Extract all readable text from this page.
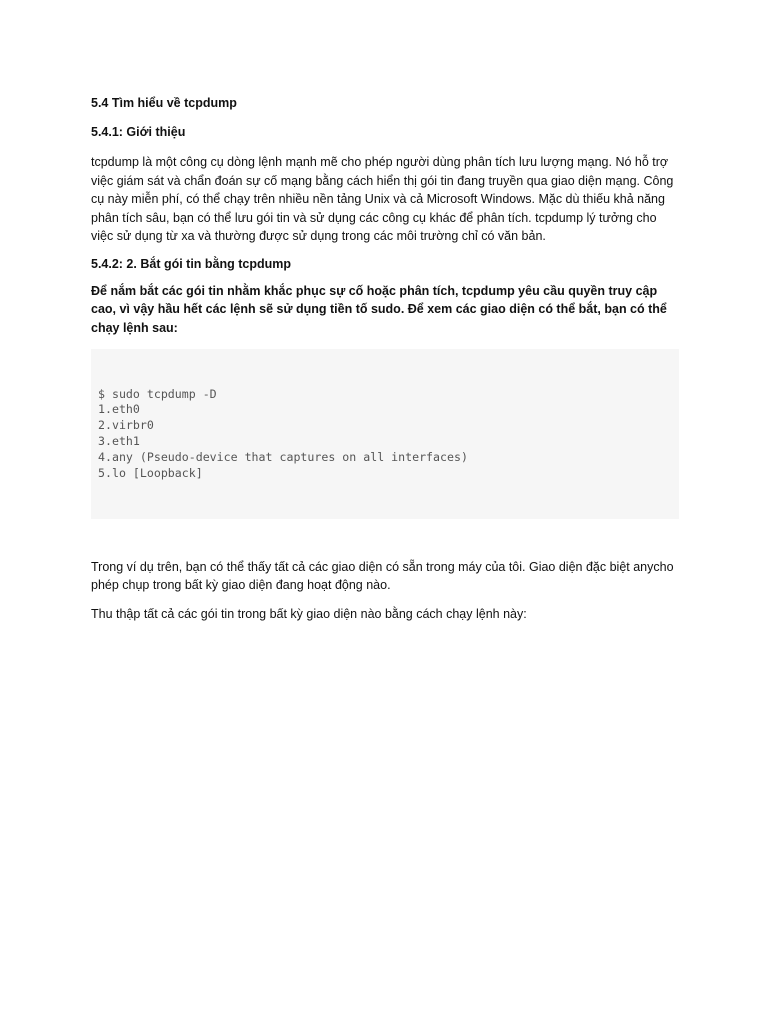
5.4 Tìm hiểu về tcpdump
5.4.1: Giới thiệu

tcpdump là một công cụ dòng lệnh mạnh mẽ cho phép người dùng phân tích lưu lượng mạng. Nó hỗ trợ việc giám sát và chẩn đoán sự cố mạng bằng cách hiển thị gói tin đang truyền qua giao diện mạng. Công cụ này miễn phí, có thể chạy trên nhiều nền tảng Unix và cả Microsoft Windows. Mặc dù thiếu khả năng phân tích sâu, bạn có thể lưu gói tin và sử dụng các công cụ khác để phân tích. tcpdump lý tưởng cho việc sử dụng từ xa và thường được sử dụng trong các môi trường chỉ có văn bản.

5.4.2: 2. Bắt gói tin bằng tcpdump

Để nắm bắt các gói tin nhằm khắc phục sự cố hoặc phân tích, tcpdump yêu cầu quyền truy cập cao, vì vậy hầu hết các lệnh sẽ sử dụng tiền tố sudo. Để xem các giao diện có thể bắt, bạn có thể chạy lệnh sau:

$ sudo tcpdump -D
1.eth0
2.virbr0
3.eth1
4.any (Pseudo-device that captures on all interfaces)
5.lo [Loopback]

Trong ví dụ trên, bạn có thể thấy tất cả các giao diện có sẵn trong máy của tôi. Giao diện đặc biệt anycho phép chụp trong bất kỳ giao diện đang hoạt động nào.

Thu thập tất cả các gói tin trong bất kỳ giao diện nào bằng cách chạy lệnh này:
